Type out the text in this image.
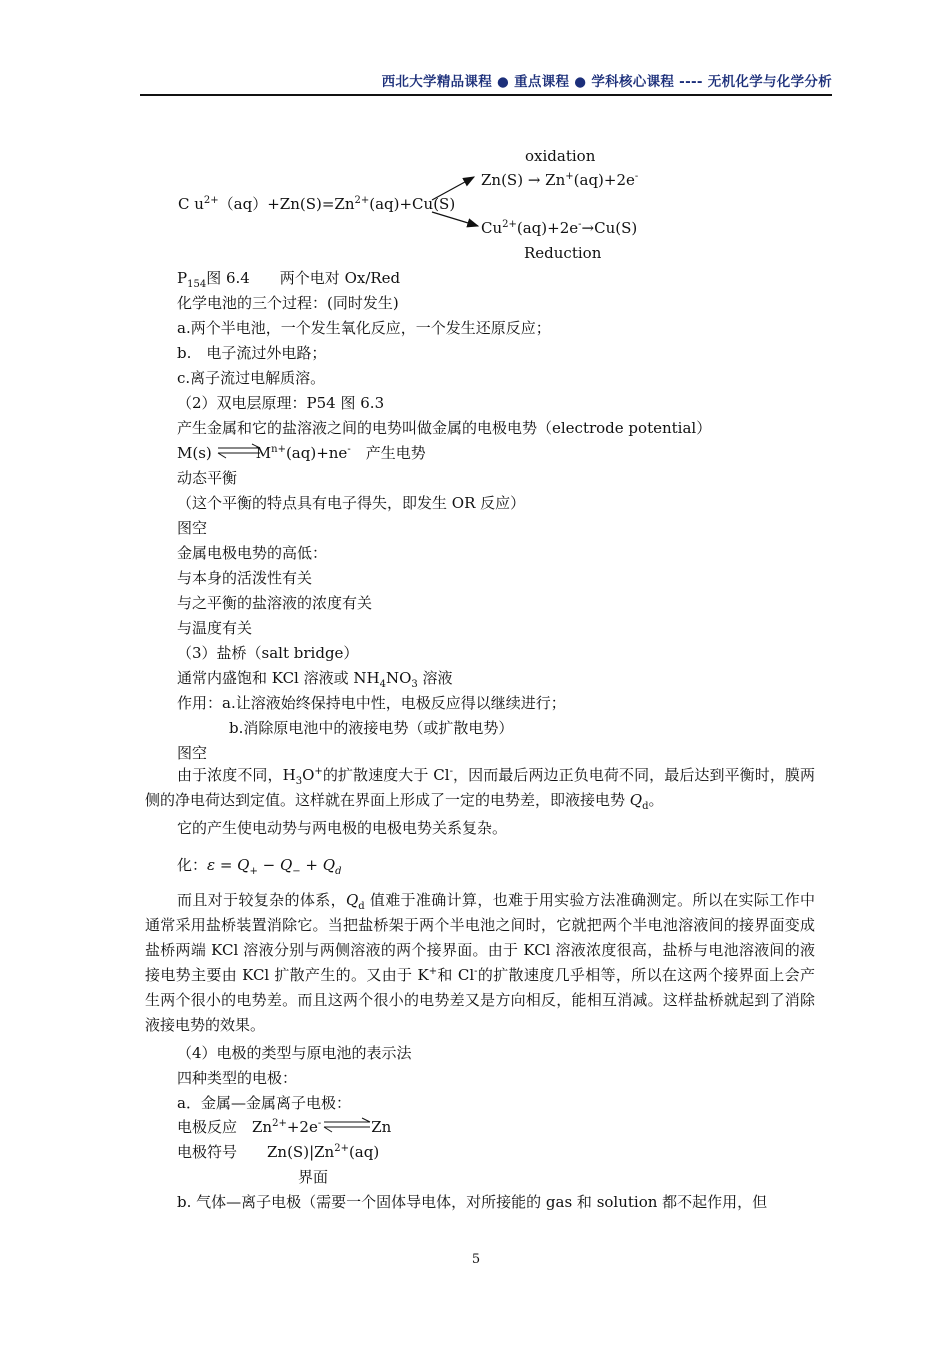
西北大学精品课程 ● 重点课程 ● 学科核心课程 ---- 无机化学与化学分析
oxidation
Zn(S) → Zn+(aq)+2e-
C $u^{2+}(aq)+Zn(S)=Zn^{2+}(aq)+Cu(S)$
$Cu^{2+}(aq)+2e^-\to Cu(S)$
Reduction
$P_{154}$图 6.4　　两个电对 Ox/Red
化学电池的三个过程：(同时发生)
a.两个半电池，一个发生氧化反应，一个发生还原反应；
b.　电子流过外电路；
c.离子流过电解质溶。
（2）双电层原理：P54 图 6.3
产生金属和它的盐溶液之间的电势叫做金属的电极电势（electrode potential）
M(s)	$M^{n+}(aq)+ne^-$　产生电势
动态平衡
（这个平衡的特点具有电子得失，即发生 OR 反应）
图空
金属电极电势的高低：
与本身的活泼性有关
与之平衡的盐溶液的浓度有关
与温度有关
（3）盐桥（salt bridge）
通常内盛饱和 KCl 溶液或 $NH_4NO_3$ 溶液
作用：a.让溶液始终保持电中性，电极反应得以继续进行；
b.消除原电池中的液接电势（或扩散电势）
图空
由于浓度不同，$H_3O^+$的扩散速度大于 Cl-，因而最后两边正负电荷不同，最后达到平衡时，膜两侧的净电荷达到定值。这样就在界面上形成了一定的电势差，即液接电势 $Q_d$。
它的产生使电动势与两电极的电极电势关系复杂。
化：$\varepsilon = Q_+ - Q_- + Q_d$
而且对于较复杂的体系，$Q_d$ 值难于准确计算，也难于用实验方法准确测定。所以在实际工作中通常采用盐桥装置消除它。当把盐桥架于两个半电池之间时，它就把两个半电池溶液间的接界面变成盐桥两端 KCl 溶液分别与两侧溶液的两个接界面。由于 KCl 溶液浓度很高，盐桥与电池溶液间的液接电势主要由 KCl 扩散产生的。又由于 K+和 Cl-的扩散速度几乎相等，所以在这两个接界面上会产生两个很小的电势差。而且这两个很小的电势差又是方向相反，能相互消减。这样盐桥就起到了消除液接电势的效果。
（4）电极的类型与原电池的表示法
四种类型的电极：
a．金属—金属离子电极：
电极反应　$Zn^{2+}+2e^-$	Zn
电极符号　　$Zn(S)|Zn^{2+}(aq)$
界面
b. 气体—离子电极（需要一个固体导电体，对所接能的 gas 和 solution 都不起作用，但
5
